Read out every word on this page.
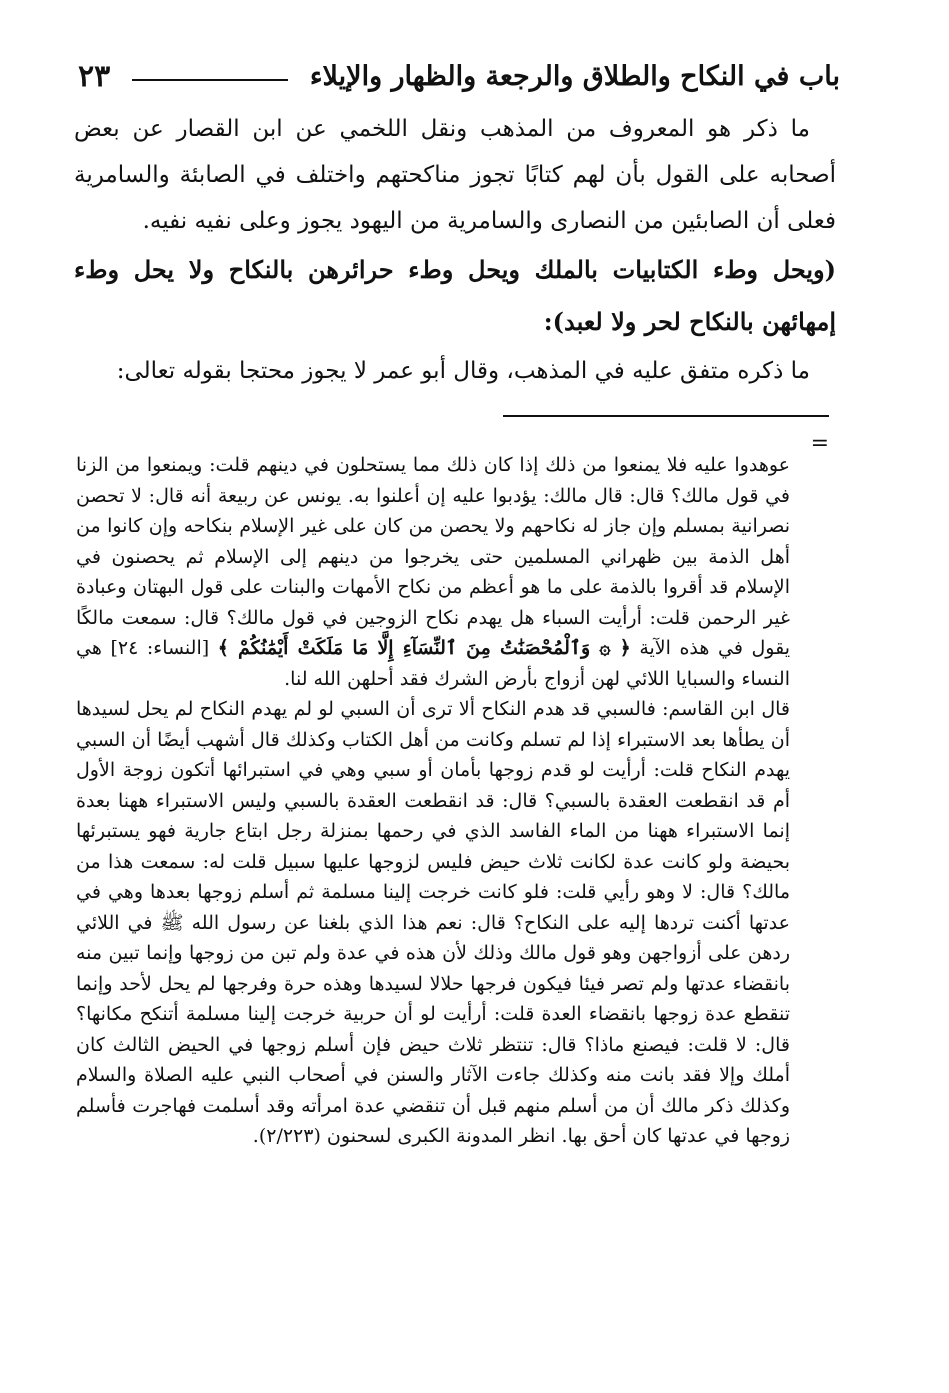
باب في النكاح والطلاق والرجعة والظهار والإيلاء
٢٣

ما ذكر هو المعروف من المذهب ونقل اللخمي عن ابن القصار عن بعض أصحابه على القول بأن لهم كتابًا تجوز مناكحتهم واختلف في الصابئة والسامرية فعلى أن الصابئين من النصارى والسامرية من اليهود يجوز وعلى نفيه نفيه.

(ويحل وطء الكتابيات بالملك ويحل وطء حرائرهن بالنكاح ولا يحل وطء إمهائهن بالنكاح لحر ولا لعبد):

ما ذكره متفق عليه في المذهب، وقال أبو عمر لا يجوز محتجا بقوله تعالى:

=

عوهدوا عليه فلا يمنعوا من ذلك إذا كان ذلك مما يستحلون في دينهم قلت: ويمنعوا من الزنا في قول مالك؟ قال: قال مالك: يؤدبوا عليه إن أعلنوا به. يونس عن ربيعة أنه قال: لا تحصن نصرانية بمسلم وإن جاز له نكاحهم ولا يحصن من كان على غير الإسلام بنكاحه وإن كانوا من أهل الذمة بين ظهراني المسلمين حتى يخرجوا من دينهم إلى الإسلام ثم يحصنون في الإسلام قد أقروا بالذمة على ما هو أعظم من نكاح الأمهات والبنات على قول البهتان وعبادة غير الرحمن قلت: أرأيت السباء هل يهدم نكاح الزوجين في قول مالك؟ قال: سمعت مالكًا يقول في هذه الآية ﴿ ۞ وَٱلْمُحْصَنَٰتُ مِنَ ٱلنِّسَآءِ إِلَّا مَا مَلَكَتْ أَيْمَٰنُكُمْ ﴾ [النساء: ٢٤] هي النساء والسبايا اللائي لهن أزواج بأرض الشرك فقد أحلهن الله لنا.

قال ابن القاسم: فالسبي قد هدم النكاح ألا ترى أن السبي لو لم يهدم النكاح لم يحل لسيدها أن يطأها بعد الاستبراء إذا لم تسلم وكانت من أهل الكتاب وكذلك قال أشهب أيضًا أن السبي يهدم النكاح قلت: أرأيت لو قدم زوجها بأمان أو سبي وهي في استبرائها أتكون زوجة الأول أم قد انقطعت العقدة بالسبي؟ قال: قد انقطعت العقدة بالسبي وليس الاستبراء ههنا بعدة إنما الاستبراء ههنا من الماء الفاسد الذي في رحمها بمنزلة رجل ابتاع جارية فهو يستبرئها بحيضة ولو كانت عدة لكانت ثلاث حيض فليس لزوجها عليها سبيل قلت له: سمعت هذا من مالك؟ قال: لا وهو رأيي قلت: فلو كانت خرجت إلينا مسلمة ثم أسلم زوجها بعدها وهي في عدتها أكنت تردها إليه على النكاح؟ قال: نعم هذا الذي بلغنا عن رسول الله ﷺ في اللائي ردهن على أزواجهن وهو قول مالك وذلك لأن هذه في عدة ولم تبن من زوجها وإنما تبين منه بانقضاء عدتها ولم تصر فيئا فيكون فرجها حلالا لسيدها وهذه حرة وفرجها لم يحل لأحد وإنما تنقطع عدة زوجها بانقضاء العدة قلت: أرأيت لو أن حربية خرجت إلينا مسلمة أتنكح مكانها؟ قال: لا قلت: فيصنع ماذا؟ قال: تنتظر ثلاث حيض فإن أسلم زوجها في الحيض الثالث كان أملك وإلا فقد بانت منه وكذلك جاءت الآثار والسنن في أصحاب النبي عليه الصلاة والسلام وكذلك ذكر مالك أن من أسلم منهم قبل أن تنقضي عدة امرأته وقد أسلمت فهاجرت فأسلم زوجها في عدتها كان أحق بها. انظر المدونة الكبرى لسحنون (٢/٢٢٣).
